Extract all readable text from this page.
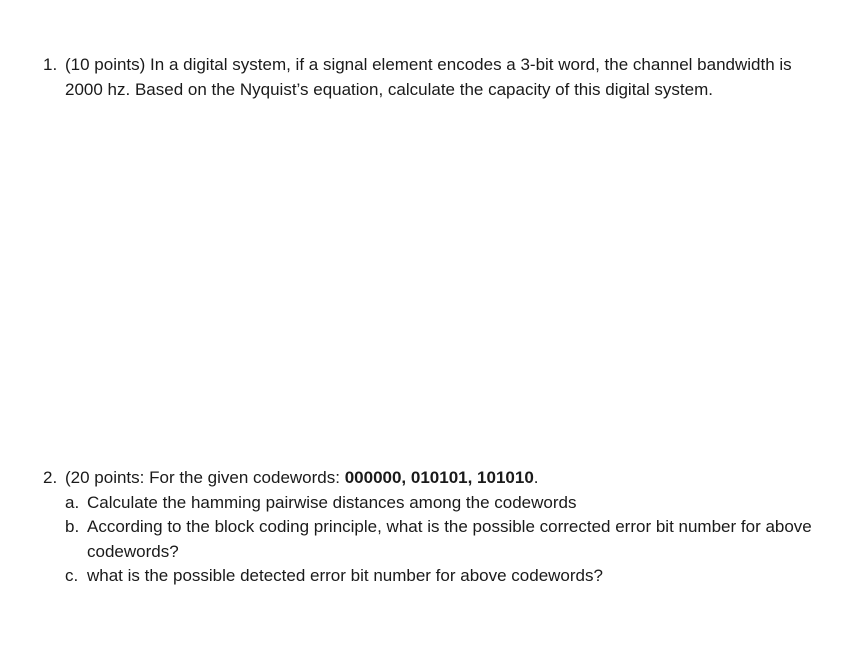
1. (10 points) In a digital system, if a signal element encodes a 3-bit word, the channel bandwidth is 2000 hz. Based on the Nyquist’s equation, calculate the capacity of this digital system.
2. (20 points: For the given codewords: 000000, 010101, 101010.
a. Calculate the hamming pairwise distances among the codewords
b. According to the block coding principle, what is the possible corrected error bit number for above codewords?
c. what is the possible detected error bit number for above codewords?
